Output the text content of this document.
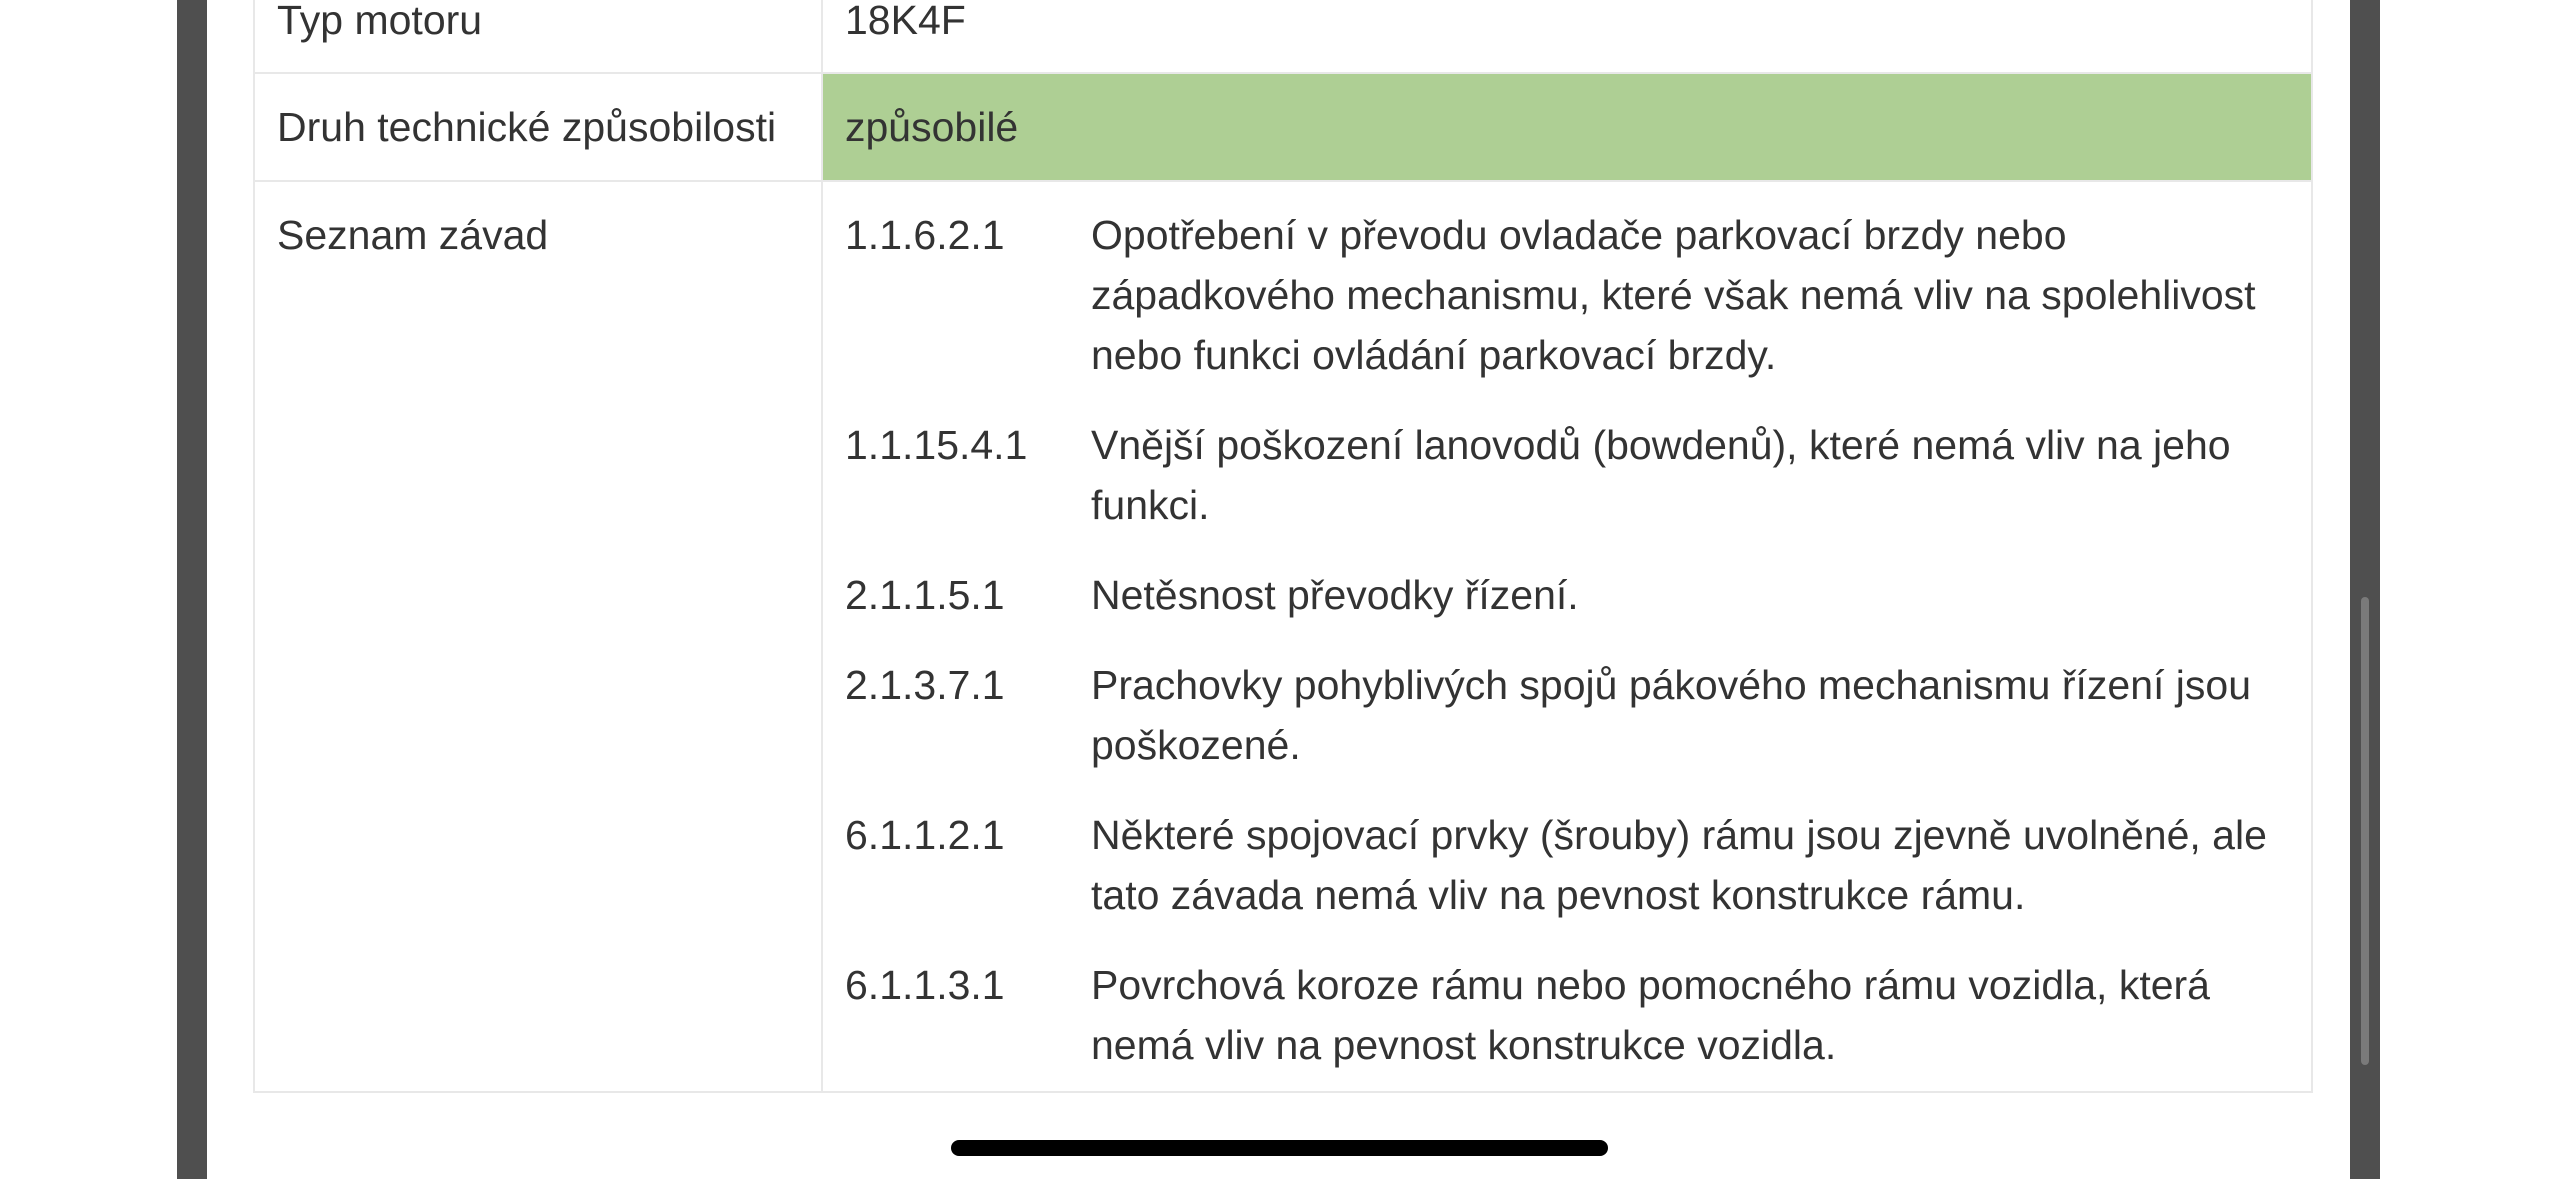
Typ motoru	18K4F
Druh technické způsobilosti	způsobilé
Seznam závad	1.1.6.2.1	Opotřebení v převodu ovladače parkovací brzdy nebo západkového mechanismu, které však nemá vliv na spolehlivost nebo funkci ovládání parkovací brzdy.
1.1.15.4.1	Vnější poškození lanovodů (bowdenů), které nemá vliv na jeho funkci.
2.1.1.5.1	Netěsnost převodky řízení.
2.1.3.7.1	Prachovky pohyblivých spojů pákového mechanismu řízení jsou poškozené.
6.1.1.2.1	Některé spojovací prvky (šrouby) rámu jsou zjevně uvolněné, ale tato závada nemá vliv na pevnost konstrukce rámu.
6.1.1.3.1	Povrchová koroze rámu nebo pomocného rámu vozidla, která nemá vliv na pevnost konstrukce vozidla.
